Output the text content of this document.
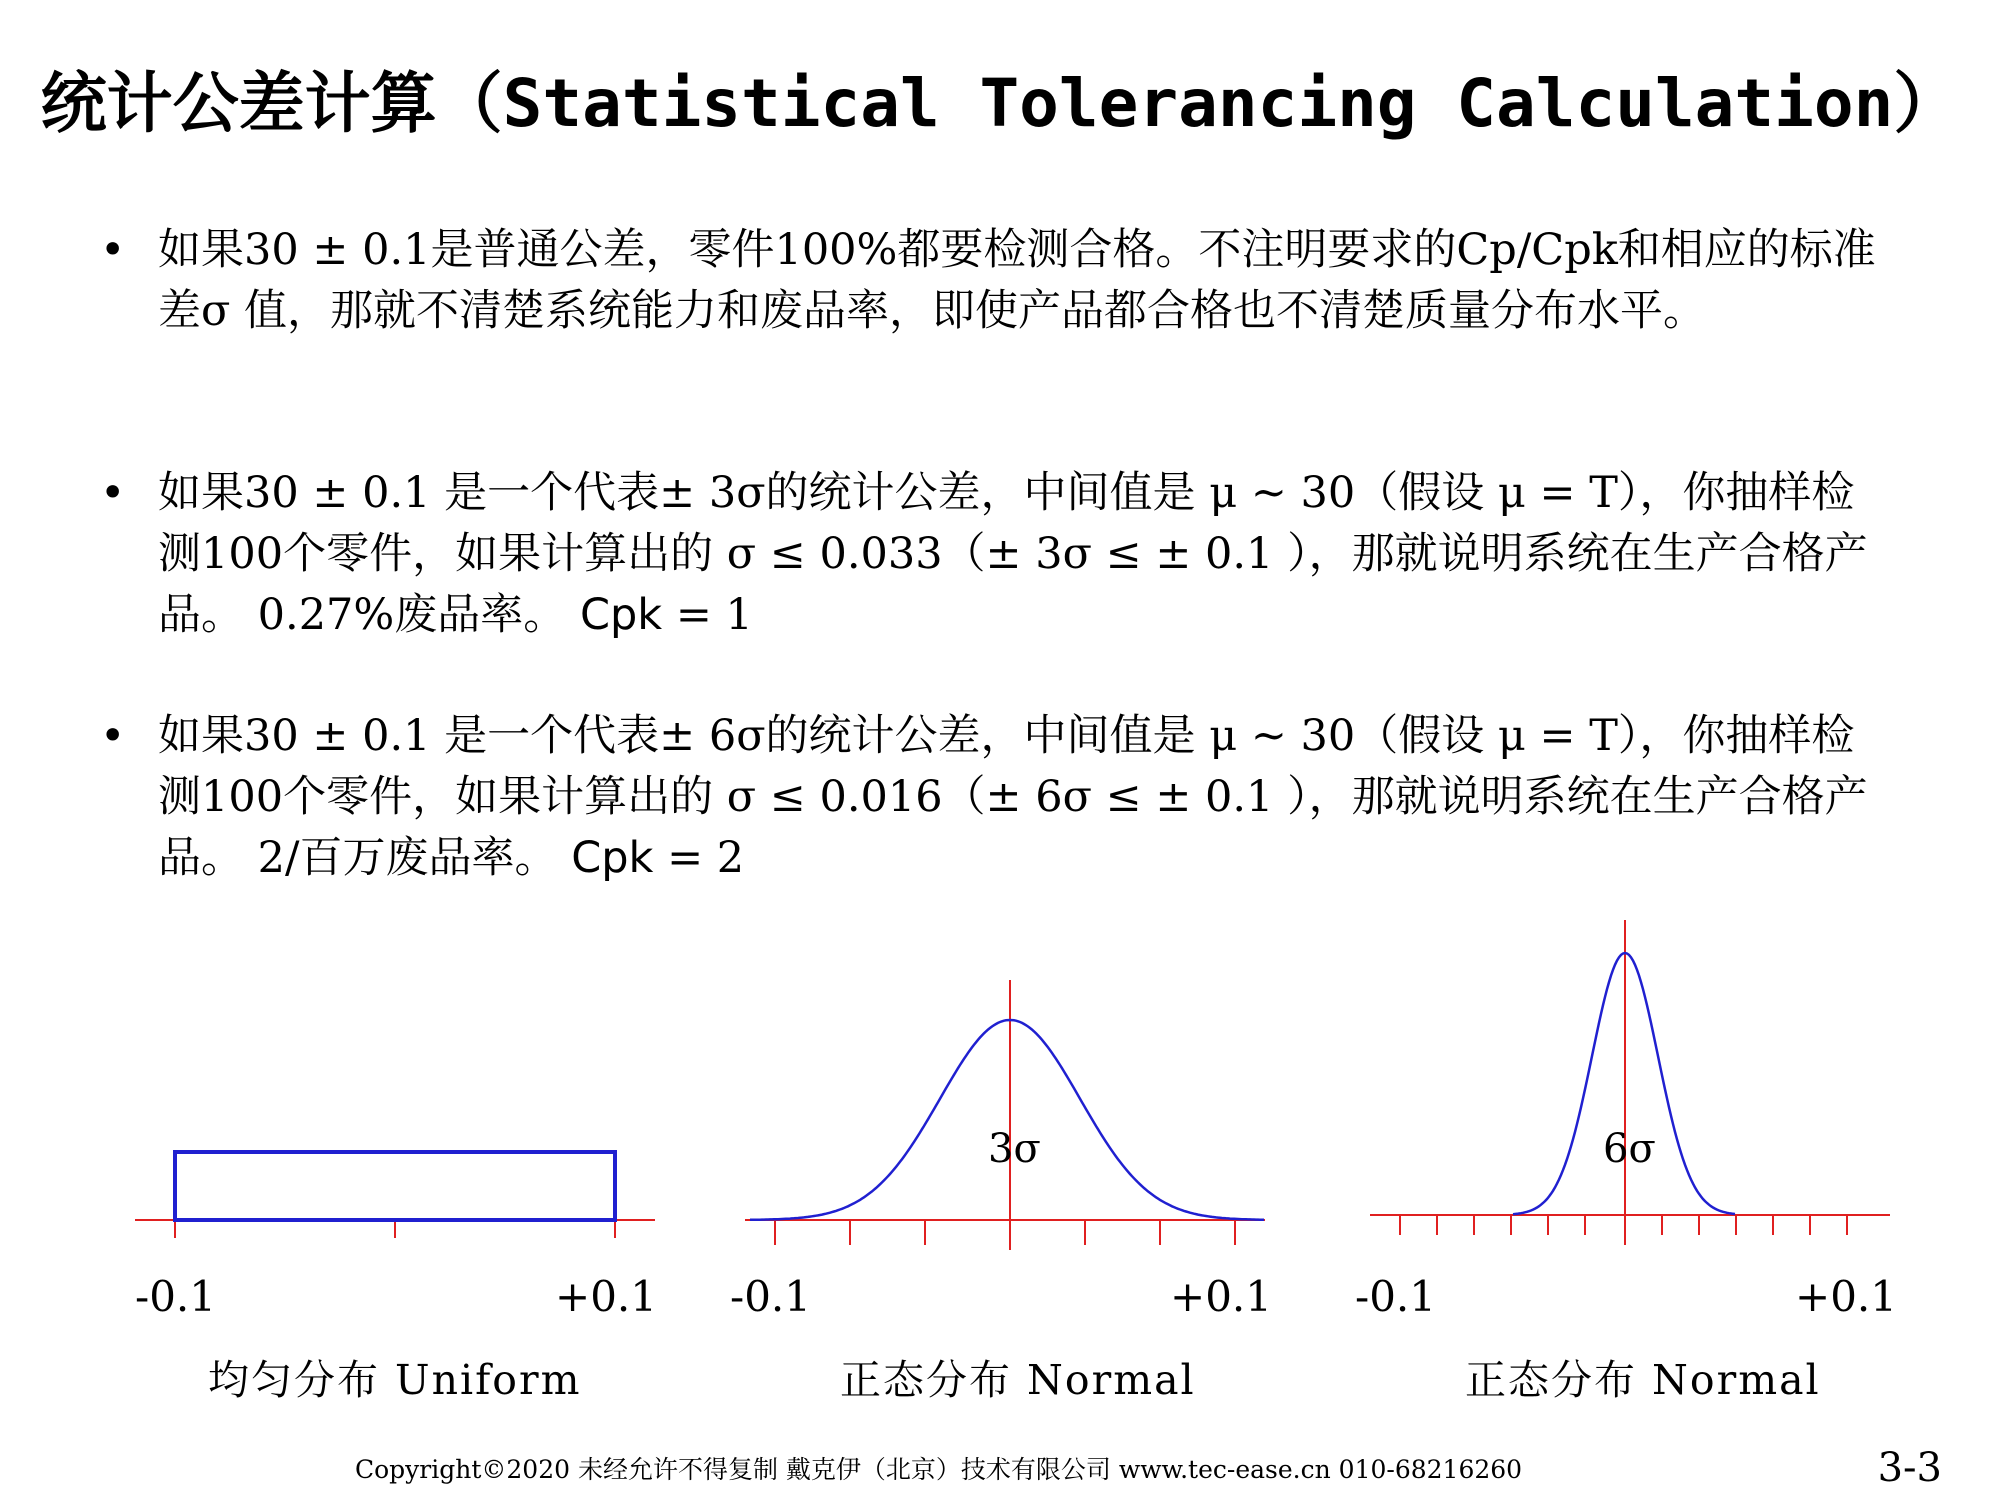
统计公差计算（Statistical Tolerancing Calculation）
• 如果30 ± 0.1是普通公差，零件100%都要检测合格。不注明要求的Cp/Cpk和相应的标准差σ 值，那就不清楚系统能力和废品率，即使产品都合格也不清楚质量分布水平。
• 如果30 ± 0.1 是一个代表± 3σ的统计公差，中间值是 μ ~ 30（假设 μ = T），你抽样检测100个零件，如果计算出的 σ ≤ 0.033（± 3σ ≤ ± 0.1 ），那就说明系统在生产合格产品。 0.27%废品率。 Cpk = 1
• 如果30 ± 0.1 是一个代表± 6σ的统计公差，中间值是 μ ~ 30（假设 μ = T），你抽样检测100个零件，如果计算出的 σ ≤ 0.016（± 6σ ≤ ± 0.1 ），那就说明系统在生产合格产品。 2/百万废品率。 Cpk = 2
-0.1	+0.1
均匀分布 Uniform
3σ
-0.1	+0.1
正态分布 Normal
6σ
-0.1	+0.1
正态分布 Normal
Copyright©2020 未经允许不得复制 戴克伊（北京）技术有限公司 www.tec-ease.cn 010-68216260	3-3
